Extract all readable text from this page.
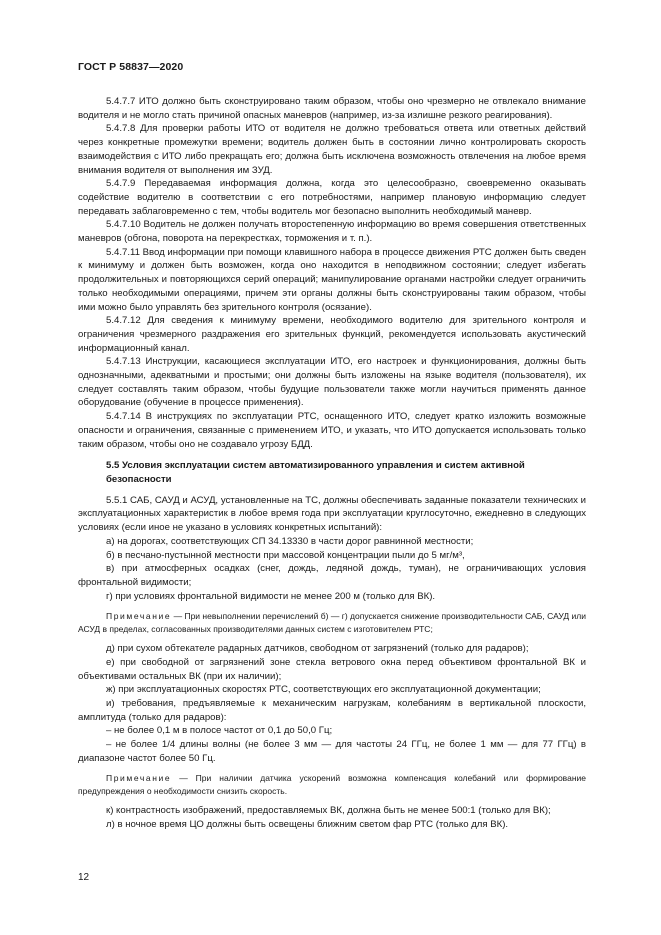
ГОСТ Р 58837—2020

5.4.7.7 ИТО должно быть сконструировано таким образом, чтобы оно чрезмерно не отвлекало внимание водителя и не могло стать причиной опасных маневров (например, из-за излишне резкого реагирования).

5.4.7.8 Для проверки работы ИТО от водителя не должно требоваться ответа или ответных действий через конкретные промежутки времени; водитель должен быть в состоянии лично контролировать скорость взаимодействия с ИТО либо прекращать его; должна быть исключена возможность отвлечения на любое время внимания водителя от выполнения им ЗУД.

5.4.7.9 Передаваемая информация должна, когда это целесообразно, своевременно оказывать содействие водителю в соответствии с его потребностями, например плановую информацию следует передавать заблаговременно с тем, чтобы водитель мог безопасно выполнить необходимый маневр.

5.4.7.10 Водитель не должен получать второстепенную информацию во время совершения ответственных маневров (обгона, поворота на перекрестках, торможения и т. п.).

5.4.7.11 Ввод информации при помощи клавишного набора в процессе движения РТС должен быть сведен к минимуму и должен быть возможен, когда оно находится в неподвижном состоянии; следует избегать продолжительных и повторяющихся серий операций; манипулирование органами настройки следует ограничить только необходимыми операциями, причем эти органы должны быть сконструированы таким образом, чтобы ими можно было управлять без зрительного контроля (осязание).

5.4.7.12 Для сведения к минимуму времени, необходимого водителю для зрительного контроля и ограничения чрезмерного раздражения его зрительных функций, рекомендуется использовать акустический информационный канал.

5.4.7.13 Инструкции, касающиеся эксплуатации ИТО, его настроек и функционирования, должны быть однозначными, адекватными и простыми; они должны быть изложены на языке водителя (пользователя), их следует составлять таким образом, чтобы будущие пользователи также могли научиться применять данное оборудование (обучение в процессе применения).

5.4.7.14 В инструкциях по эксплуатации РТС, оснащенного ИТО, следует кратко изложить возможные опасности и ограничения, связанные с применением ИТО, и указать, что ИТО допускается использовать только таким образом, чтобы оно не создавало угрозу БДД.

5.5 Условия эксплуатации систем автоматизированного управления и систем активной безопасности

5.5.1 САБ, САУД и АСУД, установленные на ТС, должны обеспечивать заданные показатели технических и эксплуатационных характеристик в любое время года при эксплуатации круглосуточно, ежедневно в следующих условиях (если иное не указано в условиях конкретных испытаний):

а) на дорогах, соответствующих СП 34.13330 в части дорог равнинной местности;

б) в песчано-пустынной местности при массовой концентрации пыли до 5 мг/м³,

в) при атмосферных осадках (снег, дождь, ледяной дождь, туман), не ограничивающих условия фронтальной видимости;

г) при условиях фронтальной видимости не менее 200 м (только для ВК).

Примечание — При невыполнении перечислений б) — г) допускается снижение производительности САБ, САУД или АСУД в пределах, согласованных производителями данных систем с изготовителем РТС;

д) при сухом обтекателе радарных датчиков, свободном от загрязнений (только для радаров);

е) при свободной от загрязнений зоне стекла ветрового окна перед объективом фронтальной ВК и объективами остальных ВК (при их наличии);

ж) при эксплуатационных скоростях РТС, соответствующих его эксплуатационной документации;

и) требования, предъявляемые к механическим нагрузкам, колебаниям в вертикальной плоскости, амплитуда (только для радаров):

– не более 0,1 м в полосе частот от 0,1 до 50,0 Гц;

– не более 1/4 длины волны (не более 3 мм — для частоты 24 ГГц, не более 1 мм — для 77 ГГц) в диапазоне частот более 50 Гц.

Примечание — При наличии датчика ускорений возможна компенсация колебаний или формирование предупреждения о необходимости снизить скорость.

к) контрастность изображений, предоставляемых ВК, должна быть не менее 500:1 (только для ВК);

л) в ночное время ЦО должны быть освещены ближним светом фар РТС (только для ВК).

12
